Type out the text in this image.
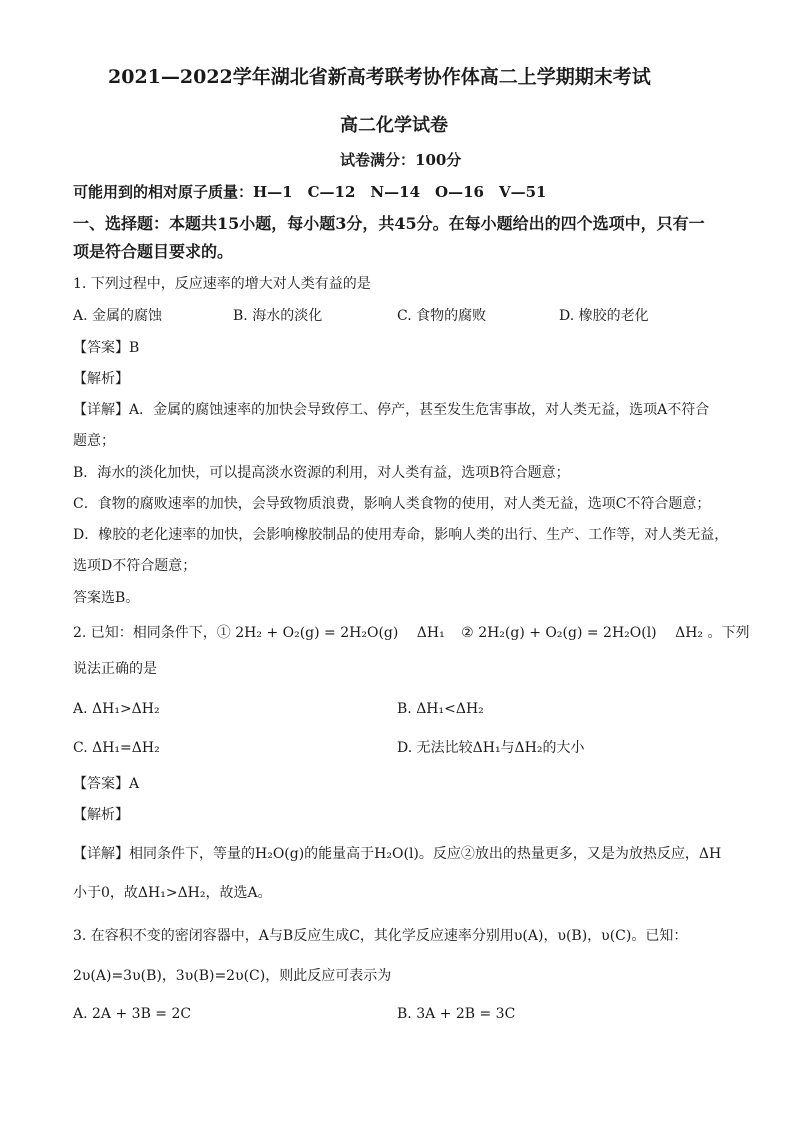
2021—2022学年湖北省新高考联考协作体高二上学期期末考试
高二化学试卷
试卷满分：100分
可能用到的相对原子质量：H—1　C—12　N—14　O—16　V—51
一、选择题：本题共15小题，每小题3分，共45分。在每小题给出的四个选项中，只有一
项是符合题目要求的。
1. 下列过程中，反应速率的增大对人类有益的是
A. 金属的腐蚀	B. 海水的淡化	C. 食物的腐败	D. 橡胶的老化
【答案】B
【解析】
【详解】A．金属的腐蚀速率的加快会导致停工、停产，甚至发生危害事故，对人类无益，选项A不符合
题意；
B．海水的淡化加快，可以提高淡水资源的利用，对人类有益，选项B符合题意；
C．食物的腐败速率的加快，会导致物质浪费，影响人类食物的使用，对人类无益，选项C不符合题意；
D．橡胶的老化速率的加快，会影响橡胶制品的使用寿命，影响人类的出行、生产、工作等，对人类无益，
选项D不符合题意；
答案选B。
2. 已知：相同条件下，① 2H₂ + O₂(g) = 2H₂O(g) ΔH₁ ② 2H₂(g) + O₂(g) = 2H₂O(l) ΔH₂ 。下列
说法正确的是
A. ΔH₁>ΔH₂	B. ΔH₁<ΔH₂
C. ΔH₁=ΔH₂	D. 无法比较ΔH₁与ΔH₂的大小
【答案】A
【解析】
【详解】相同条件下，等量的H₂O(g)的能量高于H₂O(l)。反应②放出的热量更多，又是为放热反应，ΔH
小于0，故ΔH₁>ΔH₂，故选A。
3. 在容积不变的密闭容器中，A与B反应生成C，其化学反应速率分别用υ(A)，υ(B)，υ(C)。已知：
2υ(A)=3υ(B)，3υ(B)=2υ(C)，则此反应可表示为
A. 2A + 3B = 2C	B. 3A + 2B = 3C
